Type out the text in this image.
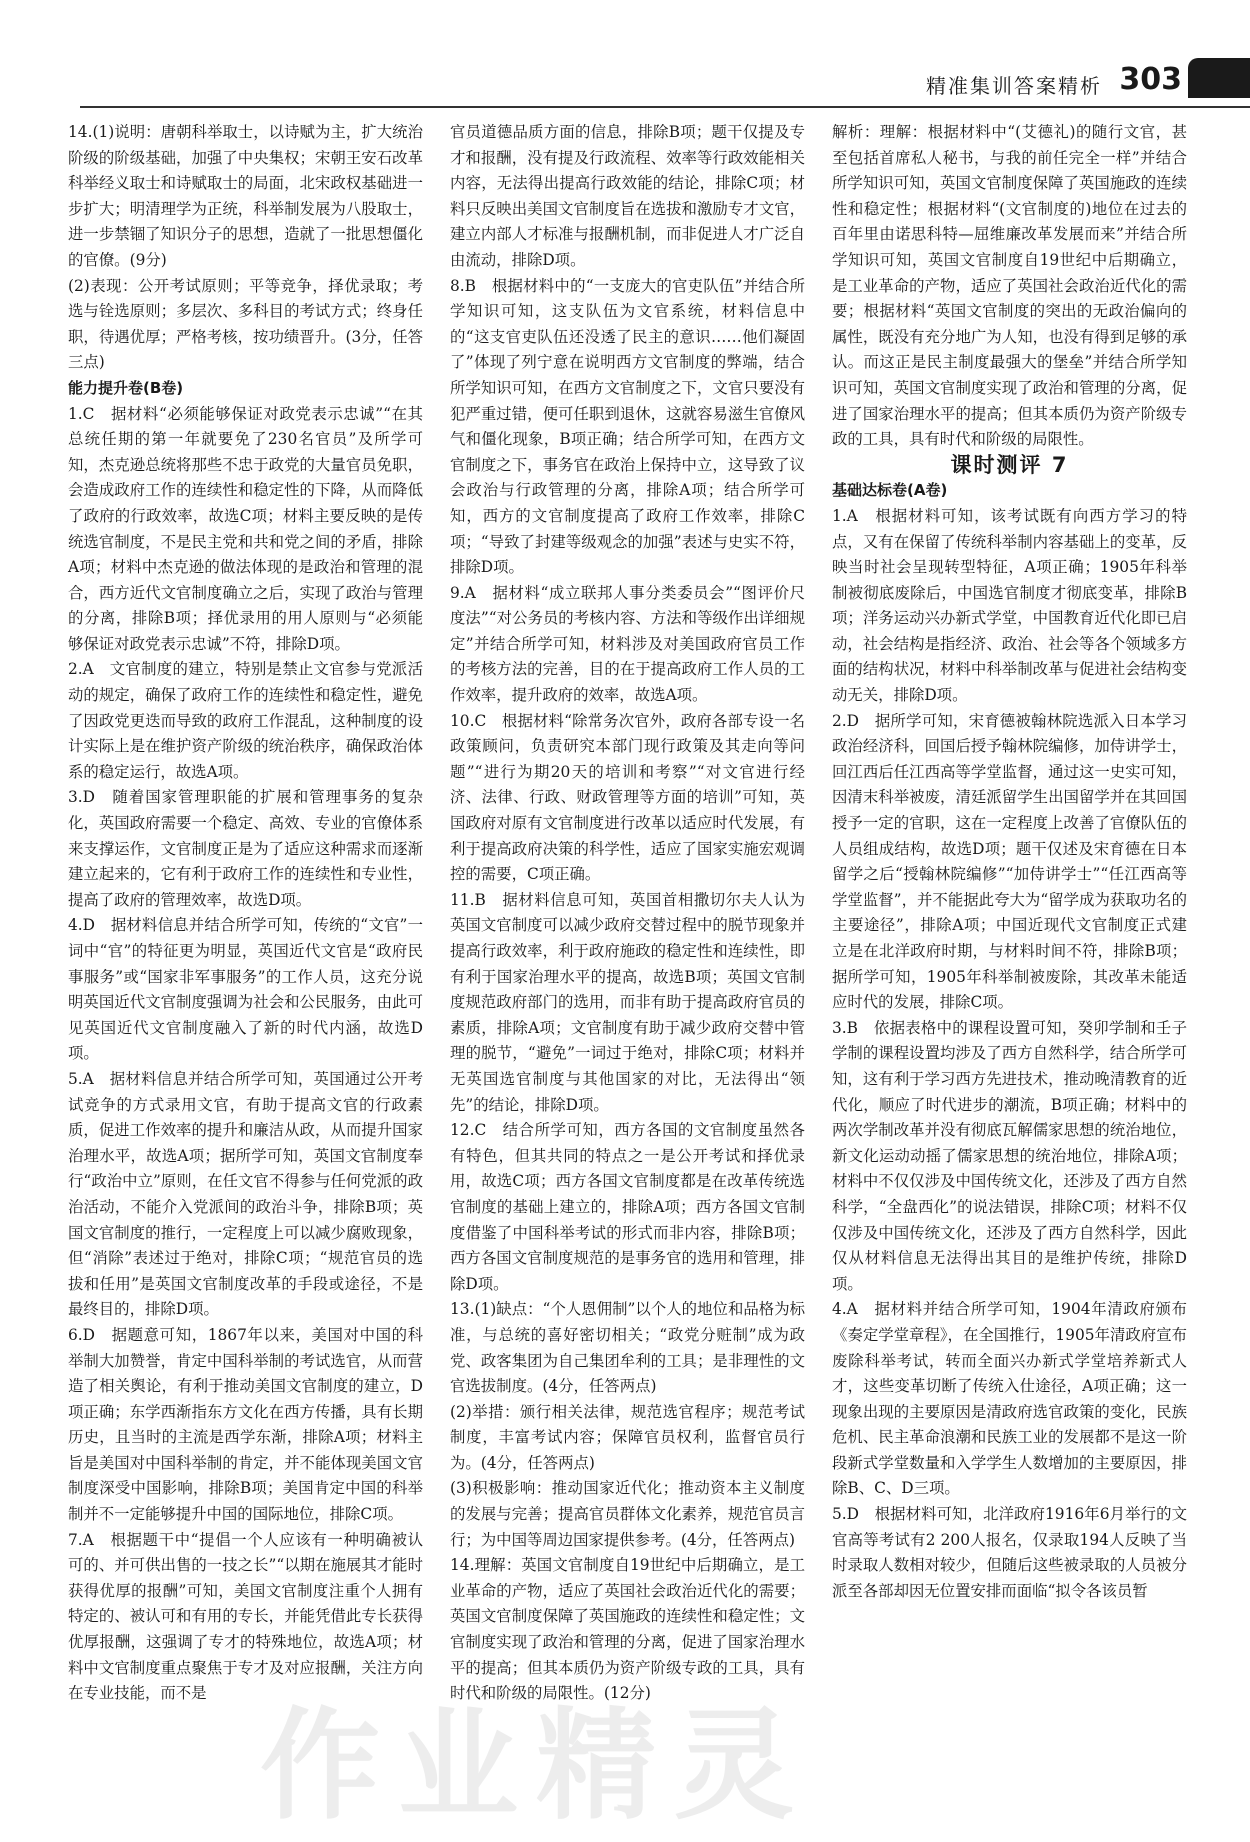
精准集训答案精析 303

14.(1)说明：唐朝科举取士，以诗赋为主，扩大统治阶级的阶级基础，加强了中央集权；宋朝王安石改革科举经义取士和诗赋取士的局面，北宋政权基础进一步扩大；明清理学为正统，科举制发展为八股取士，进一步禁锢了知识分子的思想，造就了一批思想僵化的官僚。(9分)

(2)表现：公开考试原则；平等竞争，择优录取；考选与铨选原则；多层次、多科目的考试方式；终身任职，待遇优厚；严格考核，按功绩晋升。(3分，任答三点)

能力提升卷(B卷)

1.C　据材料“必须能够保证对政党表示忠诚”“在其总统任期的第一年就要免了230名官员”及所学可知，杰克逊总统将那些不忠于政党的大量官员免职，会造成政府工作的连续性和稳定性的下降，从而降低了政府的行政效率，故选C项；材料主要反映的是传统选官制度，不是民主党和共和党之间的矛盾，排除A项；材料中杰克逊的做法体现的是政治和管理的混合，西方近代文官制度确立之后，实现了政治与管理的分离，排除B项；择优录用的用人原则与“必须能够保证对政党表示忠诚”不符，排除D项。

2.A　文官制度的建立，特别是禁止文官参与党派活动的规定，确保了政府工作的连续性和稳定性，避免了因政党更迭而导致的政府工作混乱，这种制度的设计实际上是在维护资产阶级的统治秩序，确保政治体系的稳定运行，故选A项。

3.D　随着国家管理职能的扩展和管理事务的复杂化，英国政府需要一个稳定、高效、专业的官僚体系来支撑运作，文官制度正是为了适应这种需求而逐渐建立起来的，它有利于政府工作的连续性和专业性，提高了政府的管理效率，故选D项。

4.D　据材料信息并结合所学可知，传统的“文官”一词中“官”的特征更为明显，英国近代文官是“政府民事服务”或“国家非军事服务”的工作人员，这充分说明英国近代文官制度强调为社会和公民服务，由此可见英国近代文官制度融入了新的时代内涵，故选D项。

5.A　据材料信息并结合所学可知，英国通过公开考试竞争的方式录用文官，有助于提高文官的行政素质，促进工作效率的提升和廉洁从政，从而提升国家治理水平，故选A项；据所学可知，英国文官制度奉行“政治中立”原则，在任文官不得参与任何党派的政治活动，不能介入党派间的政治斗争，排除B项；英国文官制度的推行，一定程度上可以减少腐败现象，但“消除”表述过于绝对，排除C项；“规范官员的选拔和任用”是英国文官制度改革的手段或途径，不是最终目的，排除D项。

6.D　据题意可知，1867年以来，美国对中国的科举制大加赞誉，肯定中国科举制的考试选官，从而营造了相关舆论，有利于推动美国文官制度的建立，D项正确；东学西渐指东方文化在西方传播，具有长期历史，且当时的主流是西学东渐，排除A项；材料主旨是美国对中国科举制的肯定，并不能体现美国文官制度深受中国影响，排除B项；美国肯定中国的科举制并不一定能够提升中国的国际地位，排除C项。

7.A　根据题干中“提倡一个人应该有一种明确被认可的、并可供出售的一技之长”“以期在施展其才能时获得优厚的报酬”可知，美国文官制度注重个人拥有特定的、被认可和有用的专长，并能凭借此专长获得优厚报酬，这强调了专才的特殊地位，故选A项；材料中文官制度重点聚焦于专才及对应报酬，关注方向在专业技能，而不是

官员道德品质方面的信息，排除B项；题干仅提及专才和报酬，没有提及行政流程、效率等行政效能相关内容，无法得出提高行政效能的结论，排除C项；材料只反映出美国文官制度旨在选拔和激励专才文官，建立内部人才标准与报酬机制，而非促进人才广泛自由流动，排除D项。

8.B　根据材料中的“一支庞大的官吏队伍”并结合所学知识可知，这支队伍为文官系统，材料信息中的“这支官吏队伍还没透了民主的意识……他们凝固了”体现了列宁意在说明西方文官制度的弊端，结合所学知识可知，在西方文官制度之下，文官只要没有犯严重过错，便可任职到退休，这就容易滋生官僚风气和僵化现象，B项正确；结合所学可知，在西方文官制度之下，事务官在政治上保持中立，这导致了议会政治与行政管理的分离，排除A项；结合所学可知，西方的文官制度提高了政府工作效率，排除C项；“导致了封建等级观念的加强”表述与史实不符，排除D项。

9.A　据材料“成立联邦人事分类委员会”“图评价尺度法”“对公务员的考核内容、方法和等级作出详细规定”并结合所学可知，材料涉及对美国政府官员工作的考核方法的完善，目的在于提高政府工作人员的工作效率，提升政府的效率，故选A项。

10.C　根据材料“除常务次官外，政府各部专设一名政策顾问，负责研究本部门现行政策及其走向等问题”“进行为期20天的培训和考察”“对文官进行经济、法律、行政、财政管理等方面的培训”可知，英国政府对原有文官制度进行改革以适应时代发展，有利于提高政府决策的科学性，适应了国家实施宏观调控的需要，C项正确。

11.B　据材料信息可知，英国首相撒切尔夫人认为英国文官制度可以减少政府交替过程中的脱节现象并提高行政效率，利于政府施政的稳定性和连续性，即有利于国家治理水平的提高，故选B项；英国文官制度规范政府部门的选用，而非有助于提高政府官员的素质，排除A项；文官制度有助于减少政府交替中管理的脱节，“避免”一词过于绝对，排除C项；材料并无英国选官制度与其他国家的对比，无法得出“领先”的结论，排除D项。

12.C　结合所学可知，西方各国的文官制度虽然各有特色，但其共同的特点之一是公开考试和择优录用，故选C项；西方各国文官制度都是在改革传统选官制度的基础上建立的，排除A项；西方各国文官制度借鉴了中国科举考试的形式而非内容，排除B项；西方各国文官制度规范的是事务官的选用和管理，排除D项。

13.(1)缺点：“个人恩佣制”以个人的地位和品格为标准，与总统的喜好密切相关；“政党分赃制”成为政党、政客集团为自己集团牟利的工具；是非理性的文官选拔制度。(4分，任答两点)

(2)举措：颁行相关法律，规范选官程序；规范考试制度，丰富考试内容；保障官员权利，监督官员行为。(4分，任答两点)

(3)积极影响：推动国家近代化；推动资本主义制度的发展与完善；提高官员群体文化素养，规范官员言行；为中国等周边国家提供参考。(4分，任答两点)

14.理解：英国文官制度自19世纪中后期确立，是工业革命的产物，适应了英国社会政治近代化的需要；英国文官制度保障了英国施政的连续性和稳定性；文官制度实现了政治和管理的分离，促进了国家治理水平的提高；但其本质仍为资产阶级专政的工具，具有时代和阶级的局限性。(12分)

解析：理解：根据材料中“(艾德礼)的随行文官，甚至包括首席私人秘书，与我的前任完全一样”并结合所学知识可知，英国文官制度保障了英国施政的连续性和稳定性；根据材料“(文官制度的)地位在过去的百年里由诺思科特—屈维廉改革发展而来”并结合所学知识可知，英国文官制度自19世纪中后期确立，是工业革命的产物，适应了英国社会政治近代化的需要；根据材料“英国文官制度的突出的无政治偏向的属性，既没有充分地广为人知，也没有得到足够的承认。而这正是民主制度最强大的堡垒”并结合所学知识可知，英国文官制度实现了政治和管理的分离，促进了国家治理水平的提高；但其本质仍为资产阶级专政的工具，具有时代和阶级的局限性。

课时测评 7

基础达标卷(A卷)

1.A　根据材料可知，该考试既有向西方学习的特点，又有在保留了传统科举制内容基础上的变革，反映当时社会呈现转型特征，A项正确；1905年科举制被彻底废除后，中国选官制度才彻底变革，排除B项；洋务运动兴办新式学堂，中国教育近代化即已启动，社会结构是指经济、政治、社会等各个领域多方面的结构状况，材料中科举制改革与促进社会结构变动无关，排除D项。

2.D　据所学可知，宋育德被翰林院选派入日本学习政治经济科，回国后授予翰林院编修，加侍讲学士，回江西后任江西高等学堂监督，通过这一史实可知，因清末科举被废，清廷派留学生出国留学并在其回国授予一定的官职，这在一定程度上改善了官僚队伍的人员组成结构，故选D项；题干仅述及宋育德在日本留学之后“授翰林院编修”“加侍讲学士”“任江西高等学堂监督”，并不能据此夸大为“留学成为获取功名的主要途径”，排除A项；中国近现代文官制度正式建立是在北洋政府时期，与材料时间不符，排除B项；据所学可知，1905年科举制被废除，其改革未能适应时代的发展，排除C项。

3.B　依据表格中的课程设置可知，癸卯学制和壬子学制的课程设置均涉及了西方自然科学，结合所学可知，这有利于学习西方先进技术，推动晚清教育的近代化，顺应了时代进步的潮流，B项正确；材料中的两次学制改革并没有彻底瓦解儒家思想的统治地位，新文化运动动摇了儒家思想的统治地位，排除A项；材料中不仅仅涉及中国传统文化，还涉及了西方自然科学，“全盘西化”的说法错误，排除C项；材料不仅仅涉及中国传统文化，还涉及了西方自然科学，因此仅从材料信息无法得出其目的是维护传统，排除D项。

4.A　据材料并结合所学可知，1904年清政府颁布《奏定学堂章程》，在全国推行，1905年清政府宣布废除科举考试，转而全面兴办新式学堂培养新式人才，这些变革切断了传统入仕途径，A项正确；这一现象出现的主要原因是清政府选官政策的变化，民族危机、民主革命浪潮和民族工业的发展都不是这一阶段新式学堂数量和入学学生人数增加的主要原因，排除B、C、D三项。

5.D　根据材料可知，北洋政府1916年6月举行的文官高等考试有2 200人报名，仅录取194人反映了当时录取人数相对较少，但随后这些被录取的人员被分派至各部却因无位置安排而面临“拟令各该员暂

作业精灵
